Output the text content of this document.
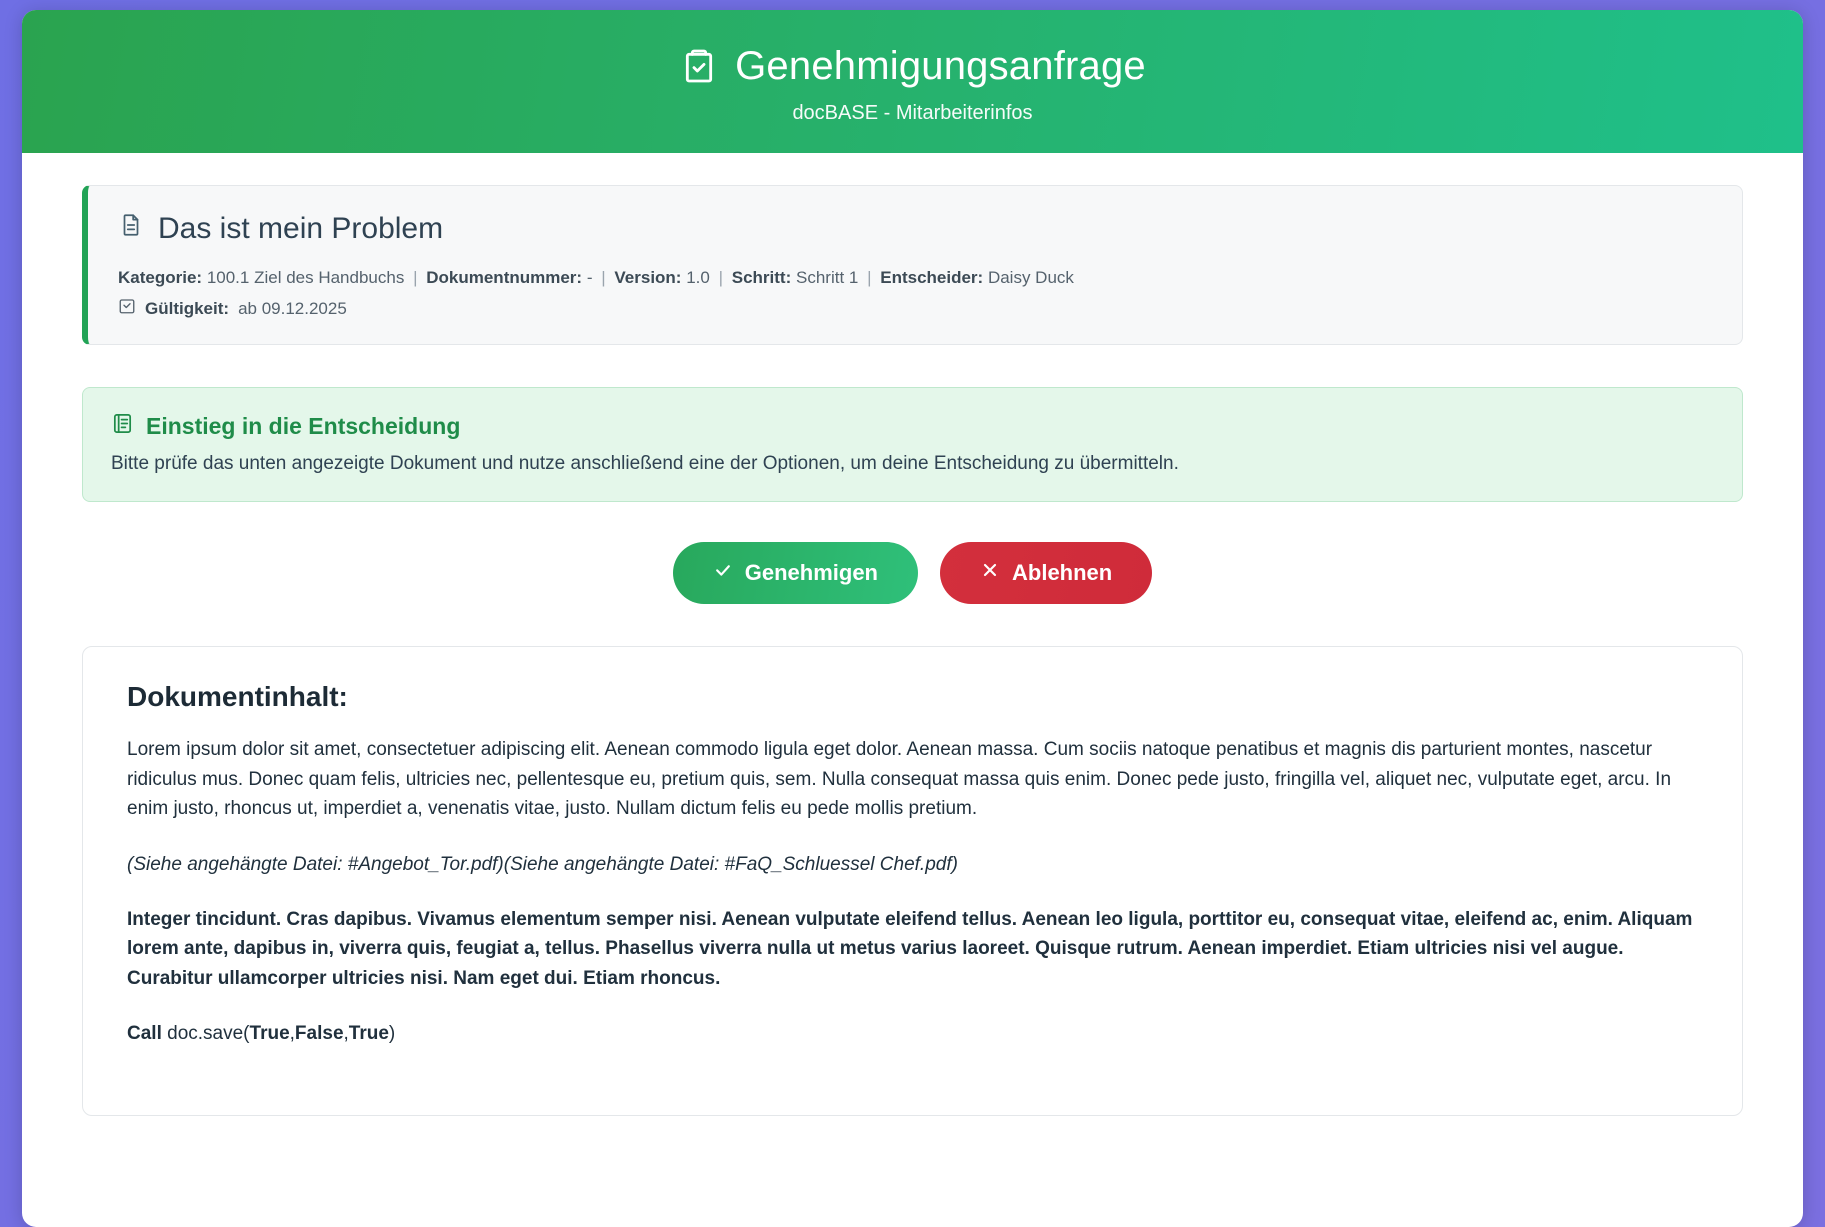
Genehmigungsanfrage
docBASE - Mitarbeiterinfos
Das ist mein Problem
Kategorie: 100.1 Ziel des Handbuchs | Dokumentnummer: - | Version: 1.0 | Schritt: Schritt 1 | Entscheider: Daisy Duck
Gültigkeit: ab 09.12.2025
Einstieg in die Entscheidung
Bitte prüfe das unten angezeigte Dokument und nutze anschließend eine der Optionen, um deine Entscheidung zu übermitteln.
Genehmigen	Ablehnen
Dokumentinhalt:

Lorem ipsum dolor sit amet, consectetuer adipiscing elit. Aenean commodo ligula eget dolor. Aenean massa. Cum sociis natoque penatibus et magnis dis parturient montes, nascetur ridiculus mus. Donec quam felis, ultricies nec, pellentesque eu, pretium quis, sem. Nulla consequat massa quis enim. Donec pede justo, fringilla vel, aliquet nec, vulputate eget, arcu. In enim justo, rhoncus ut, imperdiet a, venenatis vitae, justo. Nullam dictum felis eu pede mollis pretium.

(Siehe angehängte Datei: #Angebot_Tor.pdf)(Siehe angehängte Datei: #FaQ_Schluessel Chef.pdf)

Integer tincidunt. Cras dapibus. Vivamus elementum semper nisi. Aenean vulputate eleifend tellus. Aenean leo ligula, porttitor eu, consequat vitae, eleifend ac, enim. Aliquam lorem ante, dapibus in, viverra quis, feugiat a, tellus. Phasellus viverra nulla ut metus varius laoreet. Quisque rutrum. Aenean imperdiet. Etiam ultricies nisi vel augue. Curabitur ullamcorper ultricies nisi. Nam eget dui. Etiam rhoncus.

Call doc.save(True,False,True)
